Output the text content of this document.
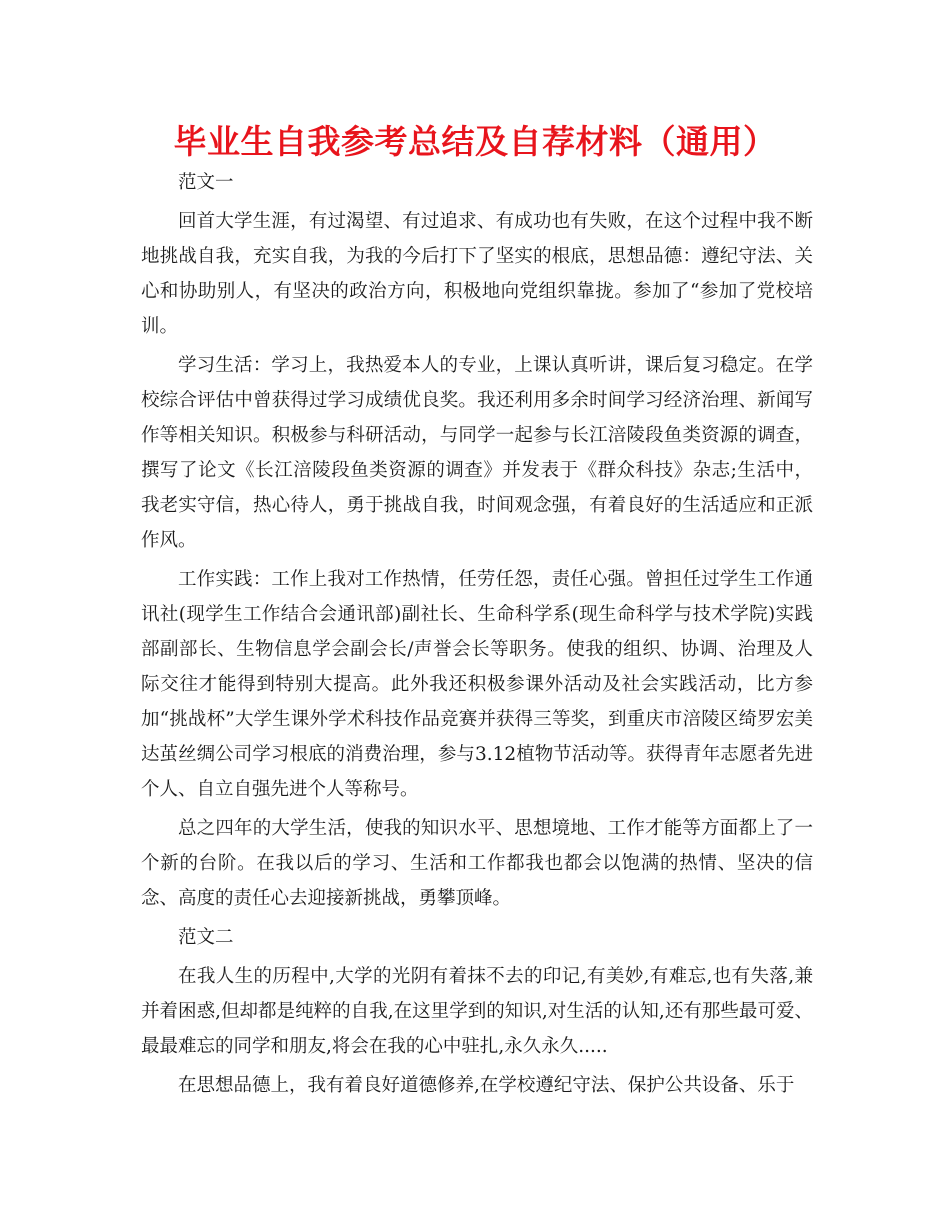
毕业生自我参考总结及自荐材料（通用）
范文一

回首大学生涯，有过渴望、有过追求、有成功也有失败，在这个过程中我不断地挑战自我，充实自我，为我的今后打下了坚实的根底，思想品德：遵纪守法、关心和协助别人，有坚决的政治方向，积极地向党组织靠拢。参加了“参加了党校培训。

学习生活：学习上，我热爱本人的专业，上课认真听讲，课后复习稳定。在学校综合评估中曾获得过学习成绩优良奖。我还利用多余时间学习经济治理、新闻写作等相关知识。积极参与科研活动，与同学一起参与长江涪陵段鱼类资源的调查，撰写了论文《长江涪陵段鱼类资源的调查》并发表于《群众科技》杂志;生活中，我老实守信，热心待人，勇于挑战自我，时间观念强，有着良好的生活适应和正派作风。

工作实践：工作上我对工作热情，任劳任怨，责任心强。曾担任过学生工作通讯社(现学生工作结合会通讯部)副社长、生命科学系(现生命科学与技术学院)实践部副部长、生物信息学会副会长/声誉会长等职务。使我的组织、协调、治理及人际交往才能得到特别大提高。此外我还积极参课外活动及社会实践活动，比方参加“挑战杯”大学生课外学术科技作品竞赛并获得三等奖，到重庆市涪陵区绮罗宏美达茧丝绸公司学习根底的消费治理，参与3.12植物节活动等。获得青年志愿者先进个人、自立自强先进个人等称号。

总之四年的大学生活，使我的知识水平、思想境地、工作才能等方面都上了一个新的台阶。在我以后的学习、生活和工作都我也都会以饱满的热情、坚决的信念、高度的责任心去迎接新挑战，勇攀顶峰。

范文二

在我人生的历程中,大学的光阴有着抹不去的印记,有美妙,有难忘,也有失落,兼并着困惑,但却都是纯粹的自我,在这里学到的知识,对生活的认知,还有那些最可爱、最最难忘的同学和朋友,将会在我的心中驻扎,永久永久.....

在思想品德上，我有着良好道德修养,在学校遵纪守法、保护公共设备、乐于
